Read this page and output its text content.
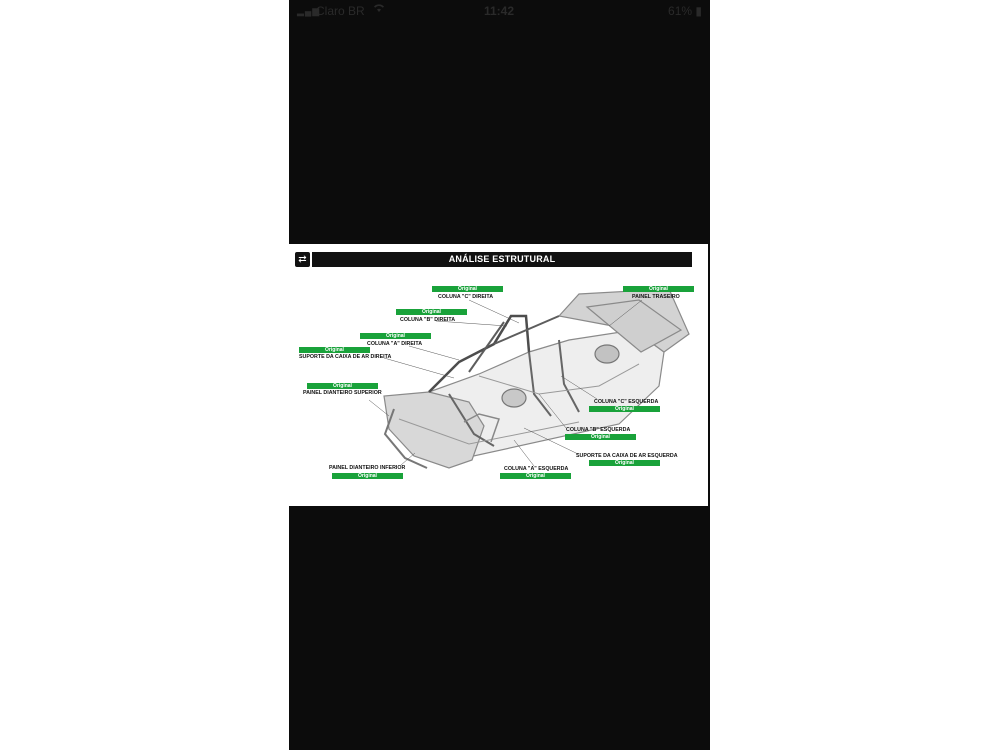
▂▄▆
Claro BR	11:42	61% ▮
⇄	ANÁLISE ESTRUTURAL
Original
COLUNA "C" DIREITA
Original
PAINEL TRASEIRO
Original
COLUNA "B" DIREITA
Original
COLUNA "A" DIREITA
Original
SUPORTE DA CAIXA DE AR DIREITA
Original
PAINEL DIANTEIRO SUPERIOR
COLUNA "C" ESQUERDA
Original
COLUNA "B" ESQUERDA
Original
SUPORTE DA CAIXA DE AR ESQUERDA
Original
PAINEL DIANTEIRO INFERIOR
Original
COLUNA "A" ESQUERDA
Original
